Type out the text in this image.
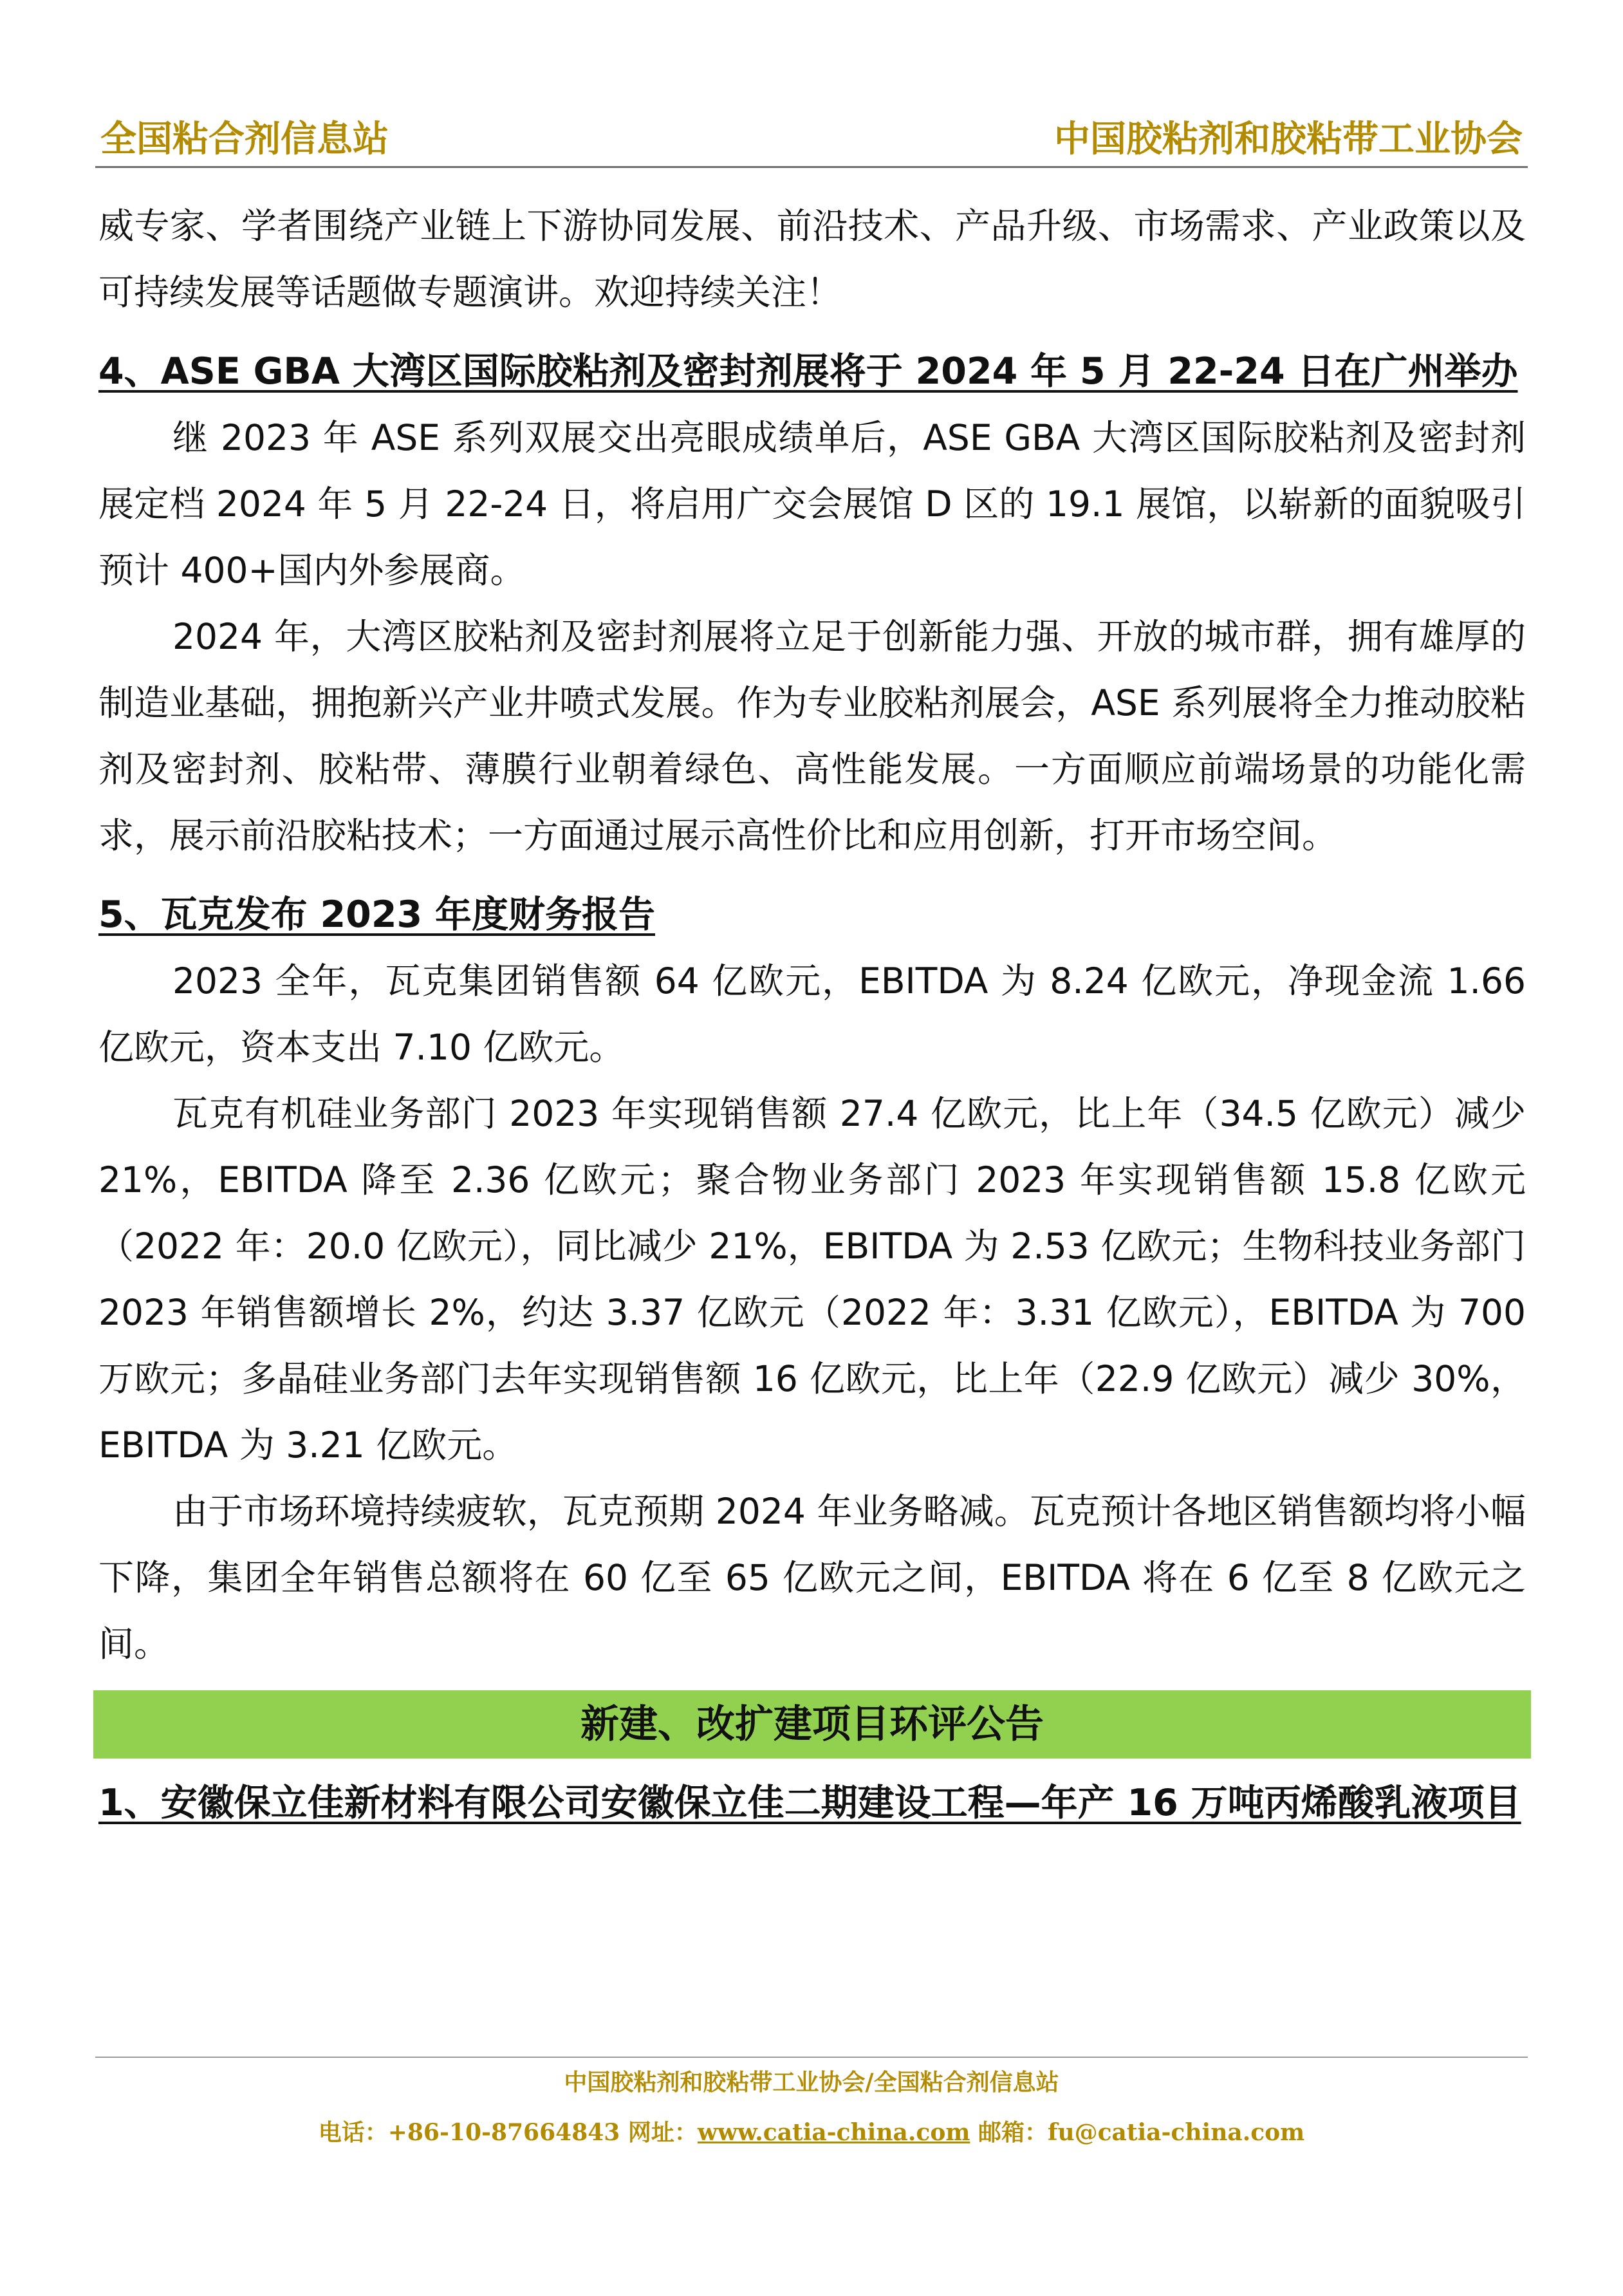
全国粘合剂信息站	中国胶粘剂和胶粘带工业协会

威专家、学者围绕产业链上下游协同发展、前沿技术、产品升级、市场需求、产业政策以及可持续发展等话题做专题演讲。欢迎持续关注！

4、ASE GBA 大湾区国际胶粘剂及密封剂展将于 2024 年 5 月 22-24 日在广州举办

继 2023 年 ASE 系列双展交出亮眼成绩单后，ASE GBA 大湾区国际胶粘剂及密封剂展定档 2024 年 5 月 22-24 日，将启用广交会展馆 D 区的 19.1 展馆，以崭新的面貌吸引预计 400+国内外参展商。

2024 年，大湾区胶粘剂及密封剂展将立足于创新能力强、开放的城市群，拥有雄厚的制造业基础，拥抱新兴产业井喷式发展。作为专业胶粘剂展会，ASE 系列展将全力推动胶粘剂及密封剂、胶粘带、薄膜行业朝着绿色、高性能发展。一方面顺应前端场景的功能化需求，展示前沿胶粘技术；一方面通过展示高性价比和应用创新，打开市场空间。

5、瓦克发布 2023 年度财务报告

2023 全年，瓦克集团销售额 64 亿欧元，EBITDA 为 8.24 亿欧元，净现金流 1.66 亿欧元，资本支出 7.10 亿欧元。

瓦克有机硅业务部门 2023 年实现销售额 27.4 亿欧元，比上年（34.5 亿欧元）减少 21%，EBITDA 降至 2.36 亿欧元；聚合物业务部门 2023 年实现销售额 15.8 亿欧元（2022 年：20.0 亿欧元），同比减少 21%，EBITDA 为 2.53 亿欧元；生物科技业务部门 2023 年销售额增长 2%，约达 3.37 亿欧元（2022 年：3.31 亿欧元），EBITDA 为 700 万欧元；多晶硅业务部门去年实现销售额 16 亿欧元，比上年（22.9 亿欧元）减少 30%，EBITDA 为 3.21 亿欧元。

由于市场环境持续疲软，瓦克预期 2024 年业务略减。瓦克预计各地区销售额均将小幅下降，集团全年销售总额将在 60 亿至 65 亿欧元之间，EBITDA 将在 6 亿至 8 亿欧元之间。

新建、改扩建项目环评公告

1、安徽保立佳新材料有限公司安徽保立佳二期建设工程—年产 16 万吨丙烯酸乳液项目

中国胶粘剂和胶粘带工业协会/全国粘合剂信息站
电话：+86-10-87664843 网址：www.catia-china.com 邮箱：fu@catia-china.com
